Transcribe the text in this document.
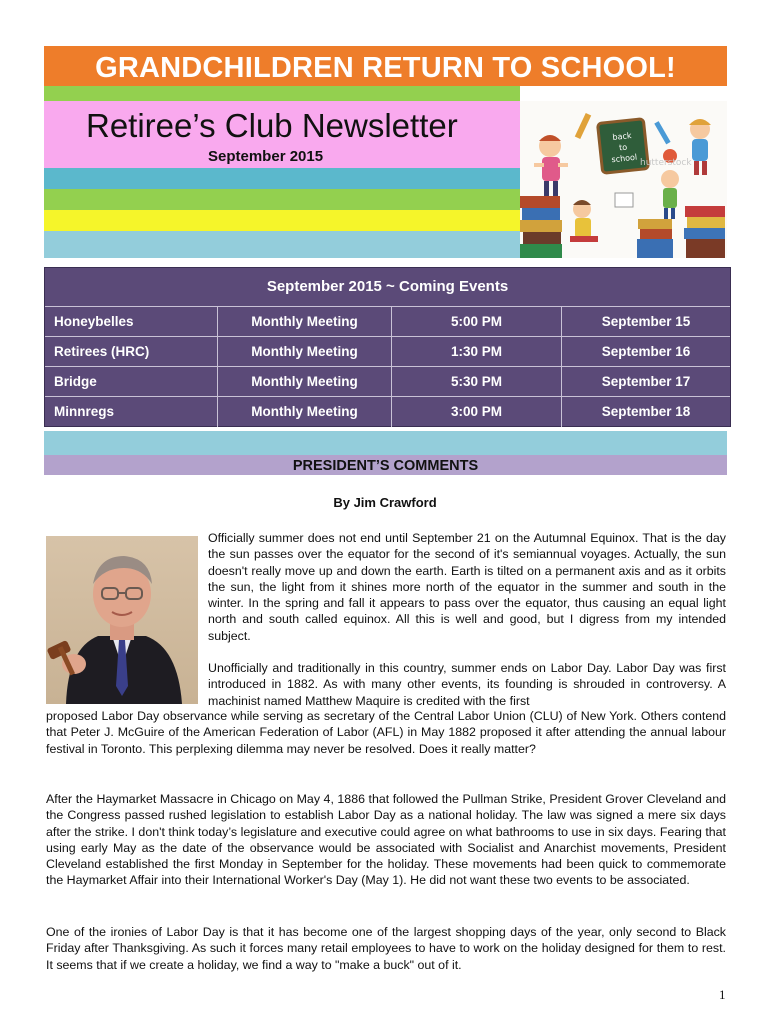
GRANDCHILDREN RETURN TO SCHOOL!
Retiree’s Club Newsletter
September 2015
back
to
school hutterstock
September 2015 ~ Coming Events
Honeybelles	Monthly Meeting	5:00 PM	September 15
Retirees (HRC)	Monthly Meeting	1:30 PM	September 16
Bridge	Monthly Meeting	5:30 PM	September 17
Minnregs	Monthly Meeting	3:00 PM	September 18
PRESIDENT’S COMMENTS
By Jim Crawford
Officially summer does not end until September 21 on the Autumnal Equinox. That is the day the sun passes over the equator for the second of it's semiannual voyages. Actually, the sun doesn't really move up and down the earth. Earth is tilted on a permanent axis and as it orbits the sun, the light from it shines more north of the equator in the summer and south in the winter. In the spring and fall it appears to pass over the equator, thus causing an equal light north and south called equinox. All this is well and good, but I digress from my intended subject.
Unofficially and traditionally in this country, summer ends on Labor Day. Labor Day was first introduced in 1882. As with many other events, its founding is shrouded in controversy. A machinist named Matthew Maquire is credited with the first
proposed Labor Day observance while serving as secretary of the Central Labor Union (CLU) of New York. Others contend that Peter J. McGuire of the American Federation of Labor (AFL) in May 1882 proposed it after attending the annual labour festival in Toronto. This perplexing dilemma may never be resolved. Does it really matter?
After the Haymarket Massacre in Chicago on May 4, 1886 that followed the Pullman Strike, President Grover Cleveland and the Congress passed rushed legislation to establish Labor Day as a national holiday. The law was signed a mere six days after the strike. I don't think today’s legislature and executive could agree on what bathrooms to use in six days. Fearing that using early May as the date of the observance would be associated with Socialist and Anarchist movements, President Cleveland established the first Monday in September for the holiday. These movements had been quick to commemorate the Haymarket Affair into their International Worker's Day (May 1). He did not want these two events to be associated.
One of the ironies of Labor Day is that it has become one of the largest shopping days of the year, only second to Black Friday after Thanksgiving. As such it forces many retail employees to have to work on the holiday designed for them to rest. It seems that if we create a holiday, we find a way to "make a buck" out of it.
1
